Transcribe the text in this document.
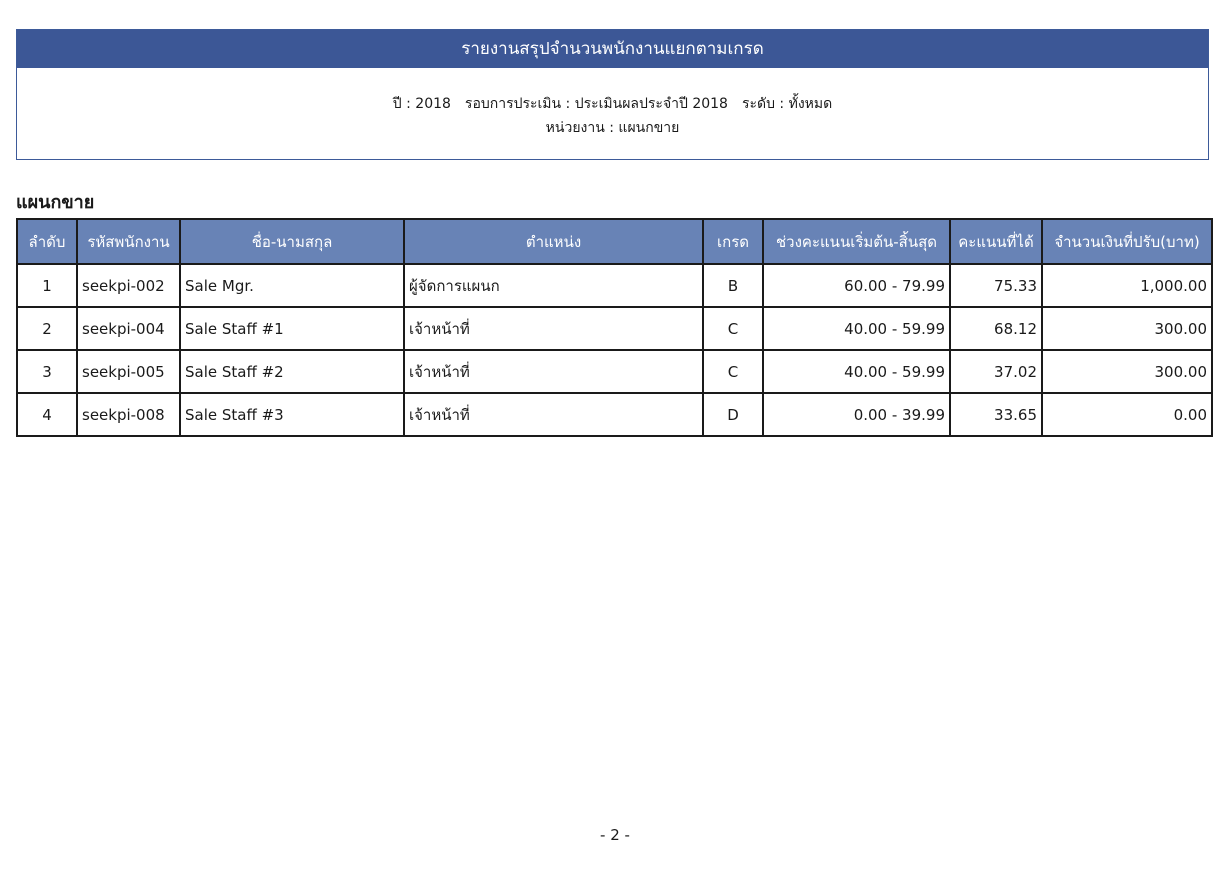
รายงานสรุปจำนวนพนักงานแยกตามเกรด
ปี : 2018 รอบการประเมิน : ประเมินผลประจำปี 2018 ระดับ : ทั้งหมด
หน่วยงาน : แผนกขาย
แผนกขาย
ลำดับ	รหัสพนักงาน	ชื่อ-นามสกุล	ตำแหน่ง	เกรด	ช่วงคะแนนเริ่มต้น-สิ้นสุด	คะแนนที่ได้	จำนวนเงินที่ปรับ(บาท)
1	seekpi-002	Sale Mgr.	ผู้จัดการแผนก	B	60.00 - 79.99	75.33	1,000.00
2	seekpi-004	Sale Staff #1	เจ้าหน้าที่	C	40.00 - 59.99	68.12	300.00
3	seekpi-005	Sale Staff #2	เจ้าหน้าที่	C	40.00 - 59.99	37.02	300.00
4	seekpi-008	Sale Staff #3	เจ้าหน้าที่	D	0.00 - 39.99	33.65	0.00
- 2 -
